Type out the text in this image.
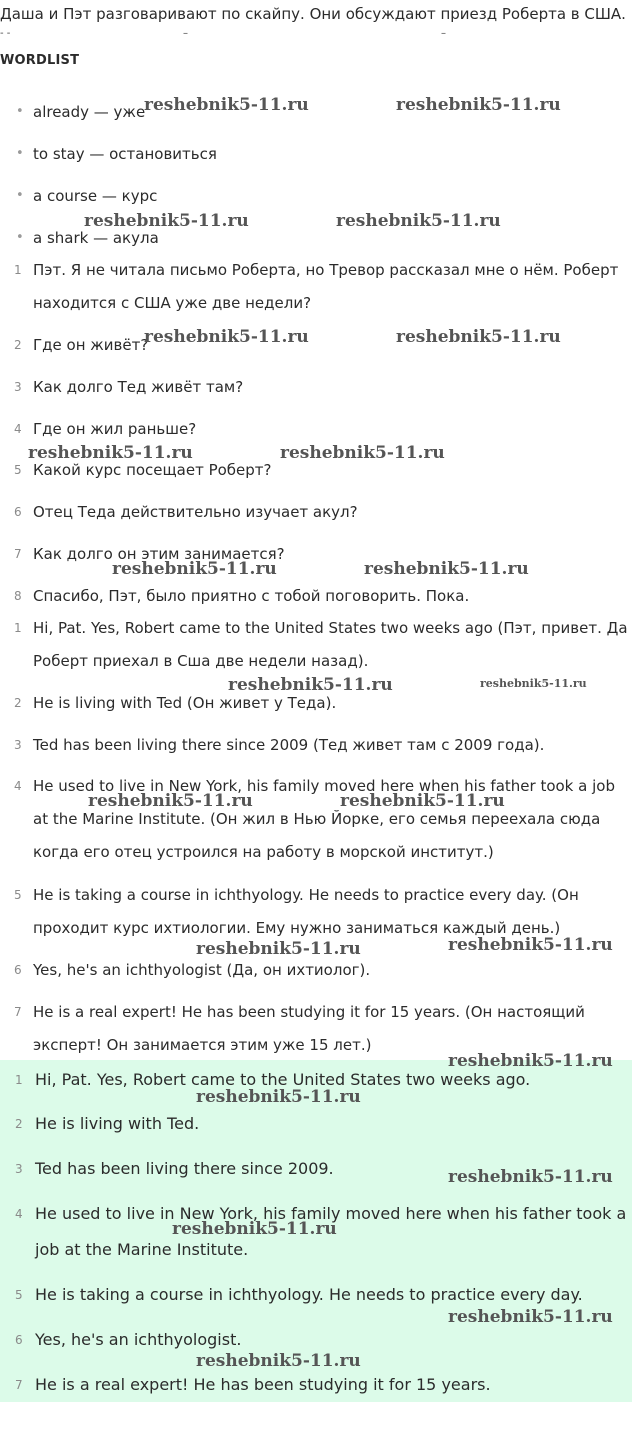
Даша и Пэт разговаривают по скайпу. Они обсуждают приезд Роберта в США.
- -	–	–
WORDLIST
• already — уже
• to stay — остановиться
• a course — курс
• a shark — акула
1 Пэт. Я не читала письмо Роберта, но Тревор рассказал мне о нём. Роберт находится с США уже две недели?
2 Где он живёт?
3 Как долго Тед живёт там?
4 Где он жил раньше?
5 Какой курс посещает Роберт?
6 Отец Теда действительно изучает акул?
7 Как долго он этим занимается?
8 Спасибо, Пэт, было приятно с тобой поговорить. Пока.
1 Hi, Pat. Yes, Robert came to the United States two weeks ago (Пэт, привет. Да Роберт приехал в Сша две недели назад).
2 He is living with Ted (Он живет у Теда).
3 Ted has been living there since 2009 (Тед живет там с 2009 года).
4 He used to live in New York, his family moved here when his father took a job at the Marine Institute. (Он жил в Нью Йорке, его семья переехала сюда когда его отец устроился на работу в морской институт.)
5 He is taking a course in ichthyology. He needs to practice every day. (Он проходит курс ихтиологии. Ему нужно заниматься каждый день.)
6 Yes, he's an ichthyologist (Да, он ихтиолог).
7 He is a real expert! He has been studying it for 15 years. (Он настоящий эксперт! Он занимается этим уже 15 лет.)
1 Hi, Pat. Yes, Robert came to the United States two weeks ago.
2 He is living with Ted.
3 Ted has been living there since 2009.
4 He used to live in New York, his family moved here when his father took a job at the Marine Institute.
5 He is taking a course in ichthyology. He needs to practice every day.
6 Yes, he's an ichthyologist.
7 He is a real expert! He has been studying it for 15 years.
reshebnik5-11.ru	reshebnik5-11.ru
reshebnik5-11.ru	reshebnik5-11.ru
reshebnik5-11.ru	reshebnik5-11.ru
reshebnik5-11.ru	reshebnik5-11.ru
reshebnik5-11.ru	reshebnik5-11.ru
reshebnik5-11.ru	reshebnik5-11.ru
reshebnik5-11.ru	reshebnik5-11.ru
reshebnik5-11.ru	reshebnik5-11.ru
reshebnik5-11.ru
reshebnik5-11.ru
reshebnik5-11.ru
reshebnik5-11.ru
reshebnik5-11.ru
reshebnik5-11.ru
